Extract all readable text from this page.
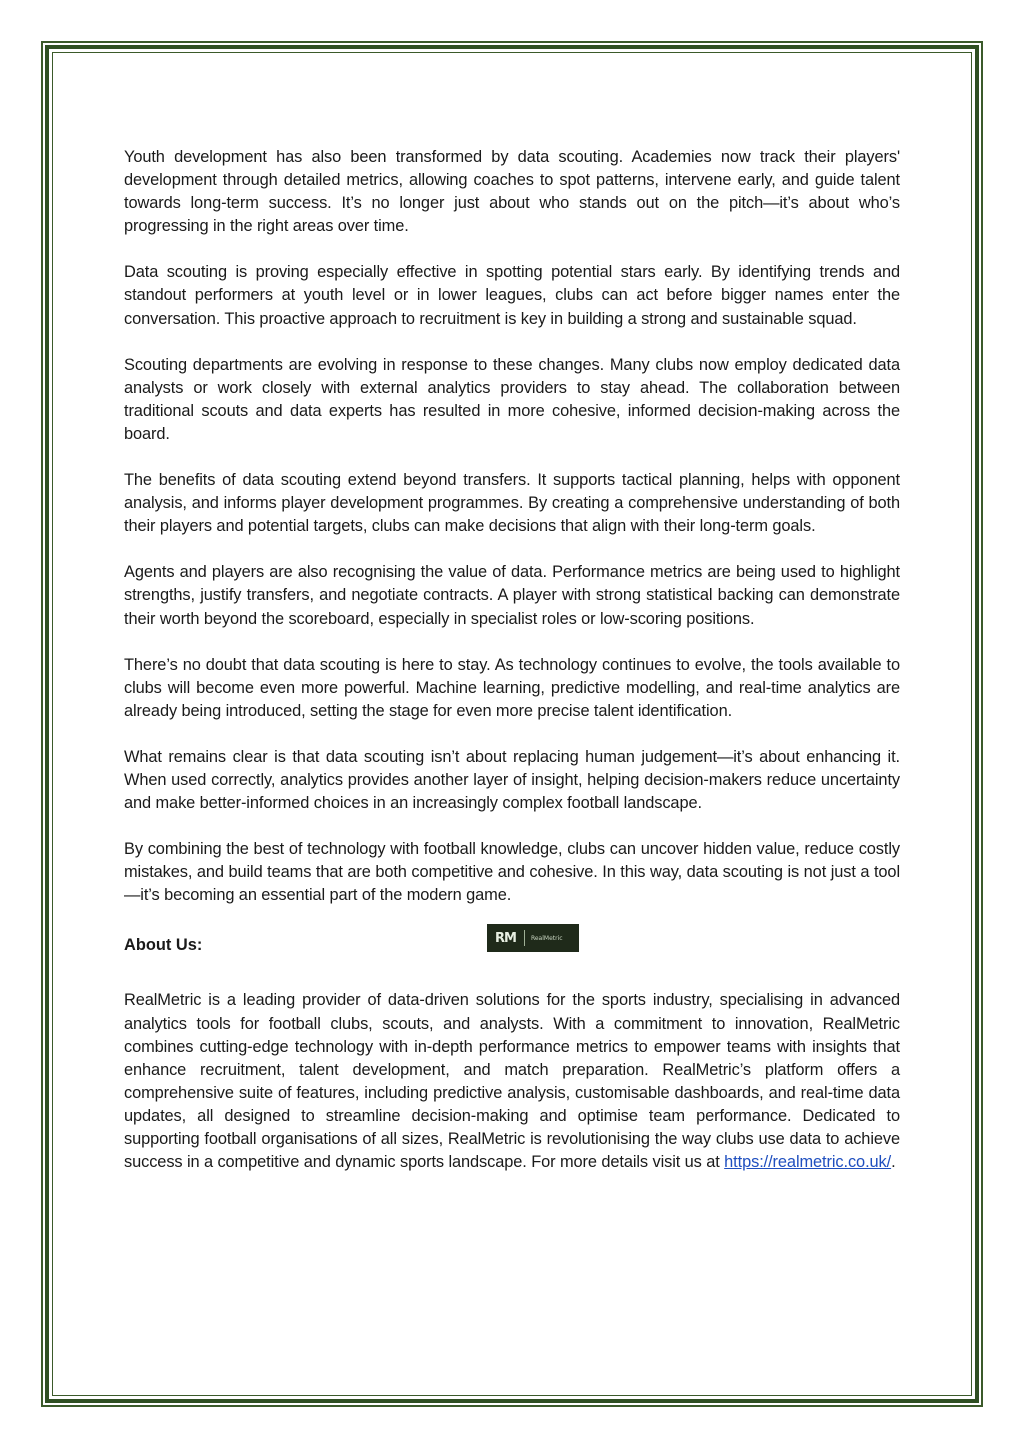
Youth development has also been transformed by data scouting. Academies now track their players' development through detailed metrics, allowing coaches to spot patterns, intervene early, and guide talent towards long-term success. It’s no longer just about who stands out on the pitch—it’s about who’s progressing in the right areas over time.

Data scouting is proving especially effective in spotting potential stars early. By identifying trends and standout performers at youth level or in lower leagues, clubs can act before bigger names enter the conversation. This proactive approach to recruitment is key in building a strong and sustainable squad.

Scouting departments are evolving in response to these changes. Many clubs now employ dedicated data analysts or work closely with external analytics providers to stay ahead. The collaboration between traditional scouts and data experts has resulted in more cohesive, informed decision-making across the board.

The benefits of data scouting extend beyond transfers. It supports tactical planning, helps with opponent analysis, and informs player development programmes. By creating a comprehensive understanding of both their players and potential targets, clubs can make decisions that align with their long-term goals.

Agents and players are also recognising the value of data. Performance metrics are being used to highlight strengths, justify transfers, and negotiate contracts. A player with strong statistical backing can demonstrate their worth beyond the scoreboard, especially in specialist roles or low-scoring positions.

There’s no doubt that data scouting is here to stay. As technology continues to evolve, the tools available to clubs will become even more powerful. Machine learning, predictive modelling, and real-time analytics are already being introduced, setting the stage for even more precise talent identification.

What remains clear is that data scouting isn’t about replacing human judgement—it’s about enhancing it. When used correctly, analytics provides another layer of insight, helping decision-makers reduce uncertainty and make better-informed choices in an increasingly complex football landscape.

By combining the best of technology with football knowledge, clubs can uncover hidden value, reduce costly mistakes, and build teams that are both competitive and cohesive. In this way, data scouting is not just a tool—it’s becoming an essential part of the modern game.

About Us:	RM	RealMetric

RealMetric is a leading provider of data-driven solutions for the sports industry, specialising in advanced analytics tools for football clubs, scouts, and analysts. With a commitment to innovation, RealMetric combines cutting-edge technology with in-depth performance metrics to empower teams with insights that enhance recruitment, talent development, and match preparation. RealMetric’s platform offers a comprehensive suite of features, including predictive analysis, customisable dashboards, and real-time data updates, all designed to streamline decision-making and optimise team performance. Dedicated to supporting football organisations of all sizes, RealMetric is revolutionising the way clubs use data to achieve success in a competitive and dynamic sports landscape. For more details visit us at https://realmetric.co.uk/.
